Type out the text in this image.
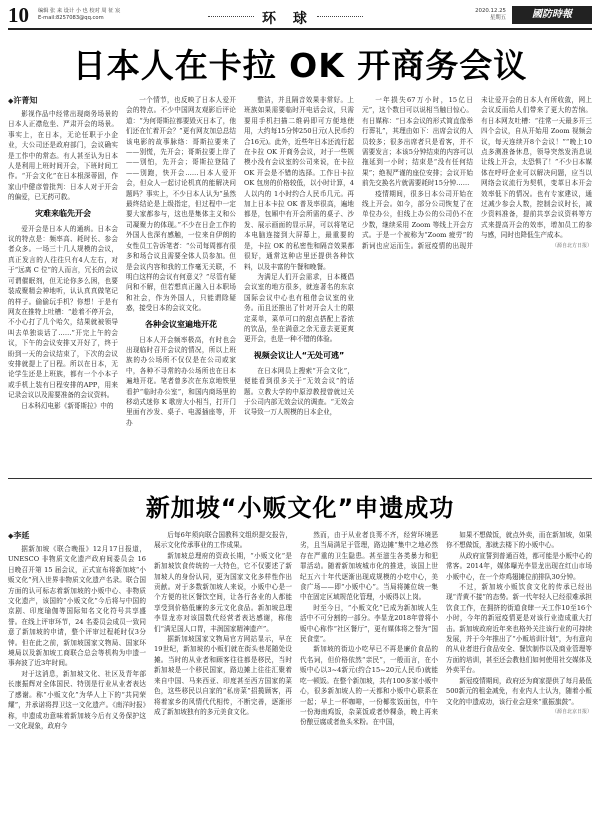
10 编辑 张 来 设计 小 也 校对 周 征 宸
E-mail:8257083@qq.com	环 球	2020.12.25
星期五	國防時報
日本人在卡拉 OK 开商务会议
◆ 许菁知

影视作品中经常出现商务场景的日本人正襟危坐、严肃开会的场景。事实上，在日本，无论任职于小企业，大公司还是政府部门，会议确实是工作中的常态。有人甚至认为日本人是利用上班时间开会，下班时间工作。“开会文化”在日本根深蒂固，作家山中健彦曾批判：日本人对于开会的偏爱，已无药可救。

灾难来临先开会

爱开会是日本人的通病。日本会议的特点是：频率高、耗时长、参会者众多。一场三十几人规模的会议，真正发言的人往往只有4人左右，对于“远离 C 位”的人而言，冗长的会议可谓催眠剂，但无论你多么困，也要装成聚精会神地听，认认真真做笔记的样子。偷偷玩手机？你想！于是有网友在推特上吐槽：“趁着不停开会，不小心打了几个哈欠，结果就被领导叫去单独谈话了……”开完上午的会议，下午的会议安排又开好了，终于盼到一天的会议结束了，下次的会议安排就提上了日程。所以在日本，无论学生还是上班族，都有一个小本子或手机上装有日程安排的APP，用来记录会议以及需要准备的会议资料。

日本科幻电影《新哥斯拉》中的

一个情节，也反映了日本人爱开会的特点。不少中国网友观影后评论道：“为何哥斯拉都要毁灭日本了，他们还在忙着开会？”更有网友加总总结该电影的故事脉络：哥斯拉要来了——别慌，先开会；哥斯拉要上岸了——别怕，先开会；哥斯拉登陆了——别跑，快开会……日本人爱开会，但众人一起讨论机真的能解决问题吗？事实上，不少日本人认为“虽然最终结论是上级指定，但过程中一定要大家都参与，这也是集体主义和公司凝聚力的体现。”不少在日企工作的外国人也深有感触，一位来自伊朗的女性员工告诉笔者：“公司每周都有很多和场合议且需要全体人员参加。但是会议内容和我的工作毫无关联，不明白这样的会议有何意义？”尽管有疑问和不解，但若想真正融入日本职场和社会，作为外国人，只能谓除疑惑，接受日本的会议文化。

各种会议室遍地开花

日本人开会频率极高，有时也会出现临时召开会议的情况，所以上班族的办公场所不仅仅是在公司或家中，各种不寻常的办公场所也在日本遍地开花。笔者曾多次在东京地铁里看护“临时办公室”，和国内商场里的移动式迷你 K 歌房大小相当，打开门里面有沙发、桌子、电源插座等，开办

整洁，并且隔音效果非常好。上班族如果需要临时开电话会议，只需要用手机扫描二维码即可方便地使用，大约每15分钟250日元(人民币约合16元)。此外，近些年日本还流行起在卡拉 OK 开商务会议，对于一些规模小没有会议室的公司来说，在卡拉 OK 开会是不错的选择。工作日卡拉 OK 包房的价格较低，以小时计算，4人以内的 1小时约合人民币几元。再加上日本卡拉 OK 普及率很高，遍地都是，包厢中有开会所需的桌子、沙发、展示画面的显示屏，可以将笔记本电脑连接到大屏幕上，最重要的是，卡拉 OK 的私密性和隔音效果都很好，通常这种店里还提供各种饮料，以及丰富的午餐和晚餐。

为满足人们开会需求，日本概倡会议室的地方很多，就连著名的东京国际会议中心也有租借会议室的业务。而且还推出了针对开会人士的限定菜单，菜单可口的甜点搭配上香浓的饮品，坐在满意之余无意去更更爽更开会，也是一种不错的体验。

视频会议让人“无处可逃”

在日本网员上搜索“开会文化”，便能看到很多关于“无效会议”的话题。立教大学的中原淳教授曾就过关于公司内部无效会议的调查。“无效会议导致一万人规模的日本企业，

一年损失67万小时，15亿日元”，这个数目可以说相当触目惊心。有日媒称：“日本会议的形式简直像举行葬礼”，其理由如下：出席会议的人员较多；很多出席者只是看客，并不需要发言；本该5分钟结束的内容可以拖延到一小时；结束是“没有任何结果”；绝视严谨的座位安排；会议开始前先交换名片就需要耗时15分钟……

疫情期间，很多日本公司开始在线上开会。如今，部分公司恢复了在单位办公，但线上办公的公司仍不在少数，继续采用 Zoom 等线上开会方式。于是一个被称为“Zoom 疲劳”的新词也应运而生。新冠疫情的出现并未让爱开会的日本人有所收敛，网上会议反而给人们带来了更大的苦恼。有日本网友吐槽：“往常一天最多开三四个会议，自从开始用 Zoom 视频会议，每天连续开8个会议！”“晚上10点多测准备休息，领导突然发消息说让线上开会，太恐惧了！”不少日本媒体在呼吁企业可以解决问题，应当以网络会议流行为契机，变革日本开会效率低下的情况。也有专家建议，通过减少参会人数，控制会议时长，减少资料准备，提前共享会议资料等方式来提高开会的效率，增加员工的参与感，同时也降低生产成本。

（源自北方日报）
新加坡“小贩文化”申遗成功
◆ 李延

据新加坡《联合晚报》12月17日报道，UNESCO 非物质文化遗产政府间委员会 16 日晚召开第 15 届会议，正式宣布将新加坡“小贩文化”列入世界非物质文化遗产名录。联合国方面的认可标志着新加坡的小贩中心、非物质文化遗产，该国的“小贩文化”今后将与中国的京剧、印度瑜伽等国际知名文化符号共享盛誉。在线上评审环节，24 名委员会成员一致同意了新加坡的申请，整个评审过程耗时仅3分钟。但在此之前，新加坡国家文物局、国家环境局以及新加坡工商联合总会等机构为申遗一事奔波了近3年时间。

对于这消息，新加坡文化、社区及青年部长康振辉对全体国民、特别是行业从业者表达了感谢。称“小贩文化”为华人上下的“共同荣耀”，并承诺将捍卫这一文化遗产。《南洋时报》称，申遗成功意味着新加坡今后有义务保护这一文化现象，政府今

后每6年须向联合国教科文组织提交报告，展示文化传承事业的工作成果。

新加坡总理府的资政长期，“小贩文化”是新加坡饮食传统的一大特色，它不仅要述了新加坡人的身份认同，更为国家文化多样性作出贡献。对于多数新加坡人来说，小贩中心是一个方便的社区餐饮空间，让各行各业的人都能享受到价格低廉的多元文化食品。新加坡总理李显龙亦对该国数代经营者表达感谢，称他们“满足国人口胃，丰润国家精神遗产”。

据新加坡国家文物局官方网站显示，早在19世纪，新加坡的小贩们就在街头巷尾随处设摊。当时的从业者和顾客往往都是移民，当时新加坡是一个移民国家，路边摊上往往汇聚着来自中国、马来西亚、印度甚至西方国家的菜色，这些移民以自家的“私房菜”招揽顾客，再将着家乡的风情代代相传，不断完善，逐渐形成了新加坡独有的多元美食文化。

然而，由于从业者良莠不齐，经营环境恶劣，且当局满足于管理，路边摊“集中之地必然存在严重的卫生隐患。甚至滋生各类暴力和犯罪活动。随着新加坡城市化的推进，该国上世纪五六十年代逐渐出现成规模的小吃中心，美食广场——即“小贩中心”。当局将摊位统一集中在固定区域规范化管理，小贩得以上岗。

时至今日，“小贩文化”已成为新加坡人生活中不可分割的一部分。李显龙2018年曾将小贩中心称作“社区餐厅”，更有媒体将之誉为“国民食堂”。

新加坡的街边小吃早已不再是廉价食品的代名词，但价格依然“亲民”，一般而言，在小贩中心以3~4新元(约合15~20元人民币)就能吃一顿饭。在整个新加坡，共有100多家小贩中心，很多新加坡人的一天都和小贩中心联系在一起；早上一杯咖啡，一份椰浆饭面包，中午一份海南鸡饭，杂菜饭或者炒粿条，晚上再来份酿豆腐或者鱼头米粉。在中国，

如果不想做饭，就点外卖，而在新加坡，如果你不想做饭，那就去楼下的小贩中心。

从政府宣誓到普通百姓，都可能是小贩中心的常客。2014年，媒体曝光李显龙出现在红山市场小贩中心，在一个炸鸡翅摊位前排队30分钟。

不过，新加坡小贩饮食文化的传承已经出现“青黄不接”的态势。新一代年轻人已经很难承担饮食工作，在拥挤的街道食肆一天工作10至16个小时，今年的新冠疫情更是对该行业造成重大打击。新加坡政府近年来也格外关注该行业的可持续发展，并于今年推出了“小贩培训计划”，为有意向的从业者进行食品安全、餐饮制作以及商业管理等方面的培训，甚至还会教他们如何使用社交媒体及外卖平台。

新冠疫情期间，政府还为商家提供了每月最低500新元的租金减免，有业内人士认为，随着小贩文化的申遗成功，该行业会迎来“重振旗鼓”。

（源自北京日报）
